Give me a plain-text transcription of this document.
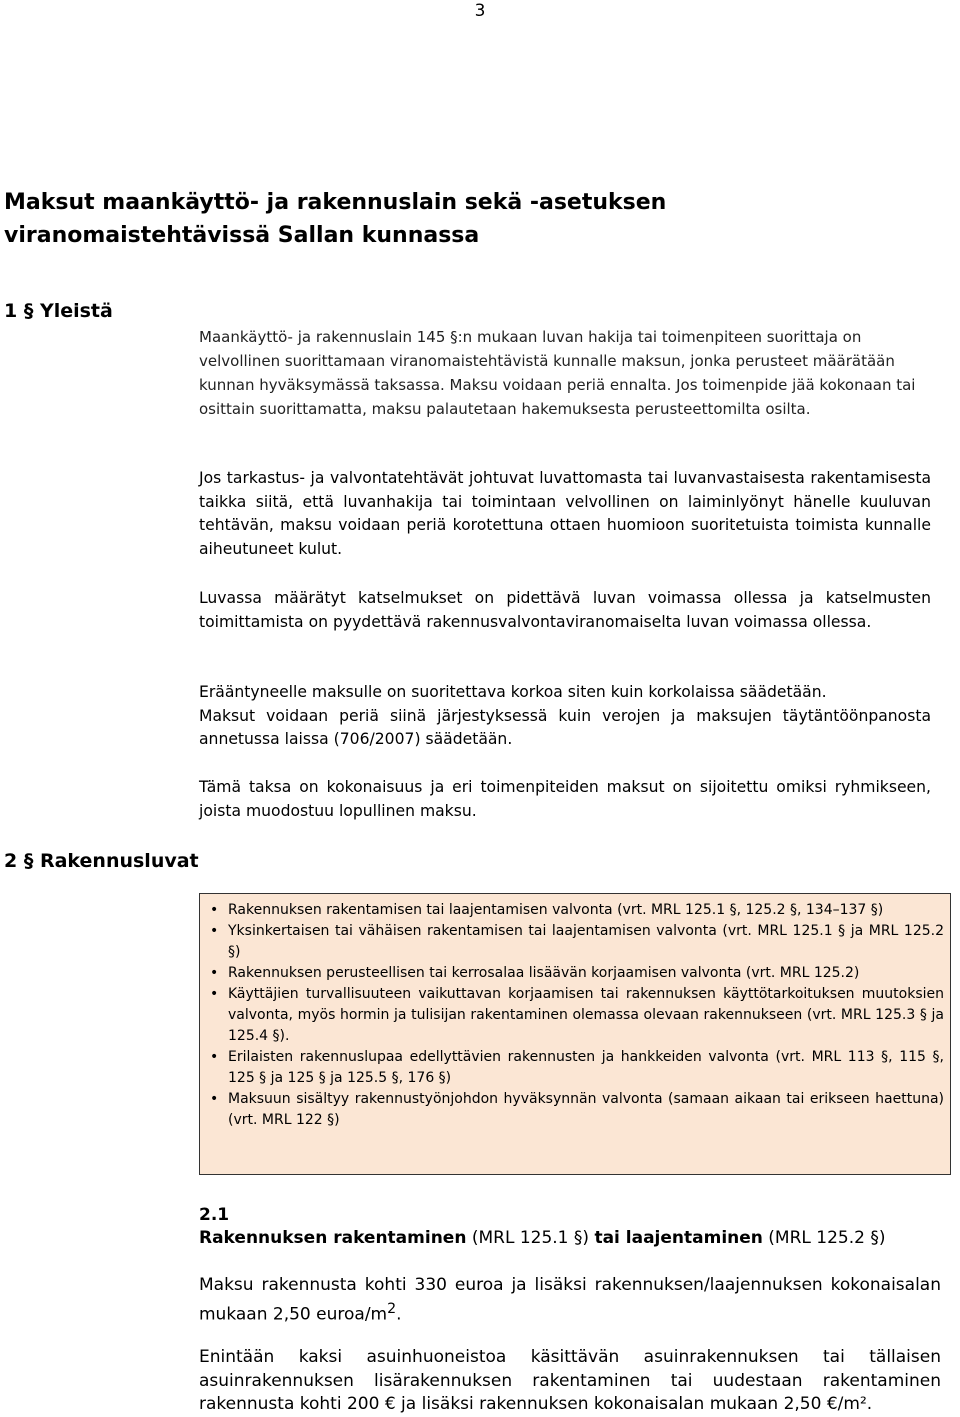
3
Maksut maankäyttö- ja rakennuslain sekä -asetuksen
viranomaistehtävissä Sallan kunnassa
1 § Yleistä

Maankäyttö- ja rakennuslain 145 §:n mukaan luvan hakija tai toimenpiteen suorittaja on velvollinen suorittamaan viranomaistehtävistä kunnalle maksun, jonka perusteet määrätään kunnan hyväksymässä taksassa. Maksu voidaan periä ennalta. Jos toimenpide jää kokonaan tai osittain suorittamatta, maksu palautetaan hakemuksesta perusteettomilta osilta.

Jos tarkastus- ja valvontatehtävät johtuvat luvattomasta tai luvanvastaisesta rakentamisesta taikka siitä, että luvanhakija tai toimintaan velvollinen on laiminlyönyt hänelle kuuluvan tehtävän, maksu voidaan periä korotettuna ottaen huomioon suoritetuista toimista kunnalle aiheutuneet kulut.

Luvassa määrätyt katselmukset on pidettävä luvan voimassa ollessa ja katselmusten toimittamista on pyydettävä rakennusvalvontaviranomaiselta luvan voimassa ollessa.

Erääntyneelle maksulle on suoritettava korkoa siten kuin korkolaissa säädetään.

Maksut voidaan periä siinä järjestyksessä kuin verojen ja maksujen täytäntöönpanosta annetussa laissa (706/2007) säädetään.

Tämä taksa on kokonaisuus ja eri toimenpiteiden maksut on sijoitettu omiksi ryhmikseen, joista muodostuu lopullinen maksu.

2 § Rakennusluvat
• Rakennuksen rakentamisen tai laajentamisen valvonta (vrt. MRL 125.1 §, 125.2 §, 134–137 §)
• Yksinkertaisen tai vähäisen rakentamisen tai laajentamisen valvonta (vrt. MRL 125.1 § ja MRL 125.2 §)
• Rakennuksen perusteellisen tai kerrosalaa lisäävän korjaamisen valvonta (vrt. MRL 125.2)
• Käyttäjien turvallisuuteen vaikuttavan korjaamisen tai rakennuksen käyttötarkoituksen muutoksien valvonta, myös hormin ja tulisijan rakentaminen olemassa olevaan rakennukseen (vrt. MRL 125.3 § ja 125.4 §).
• Erilaisten rakennuslupaa edellyttävien rakennusten ja hankkeiden valvonta (vrt. MRL 113 §, 115 §, 125 § ja 125 § ja 125.5 §, 176 §)
• Maksuun sisältyy rakennustyönjohdon hyväksynnän valvonta (samaan aikaan tai erikseen haettuna) (vrt. MRL 122 §)
2.1
Rakennuksen rakentaminen (MRL 125.1 §) tai laajentaminen (MRL 125.2 §)

Maksu rakennusta kohti 330 euroa ja lisäksi rakennuksen/laajennuksen kokonaisalan mukaan 2,50 euroa/$m^2$.

Enintään kaksi asuinhuoneistoa käsittävän asuinrakennuksen tai tällaisen asuinrakennuksen lisärakennuksen rakentaminen tai uudestaan rakentaminen rakennusta kohti 200 € ja lisäksi rakennuksen kokonaisalan mukaan 2,50 €/m².
